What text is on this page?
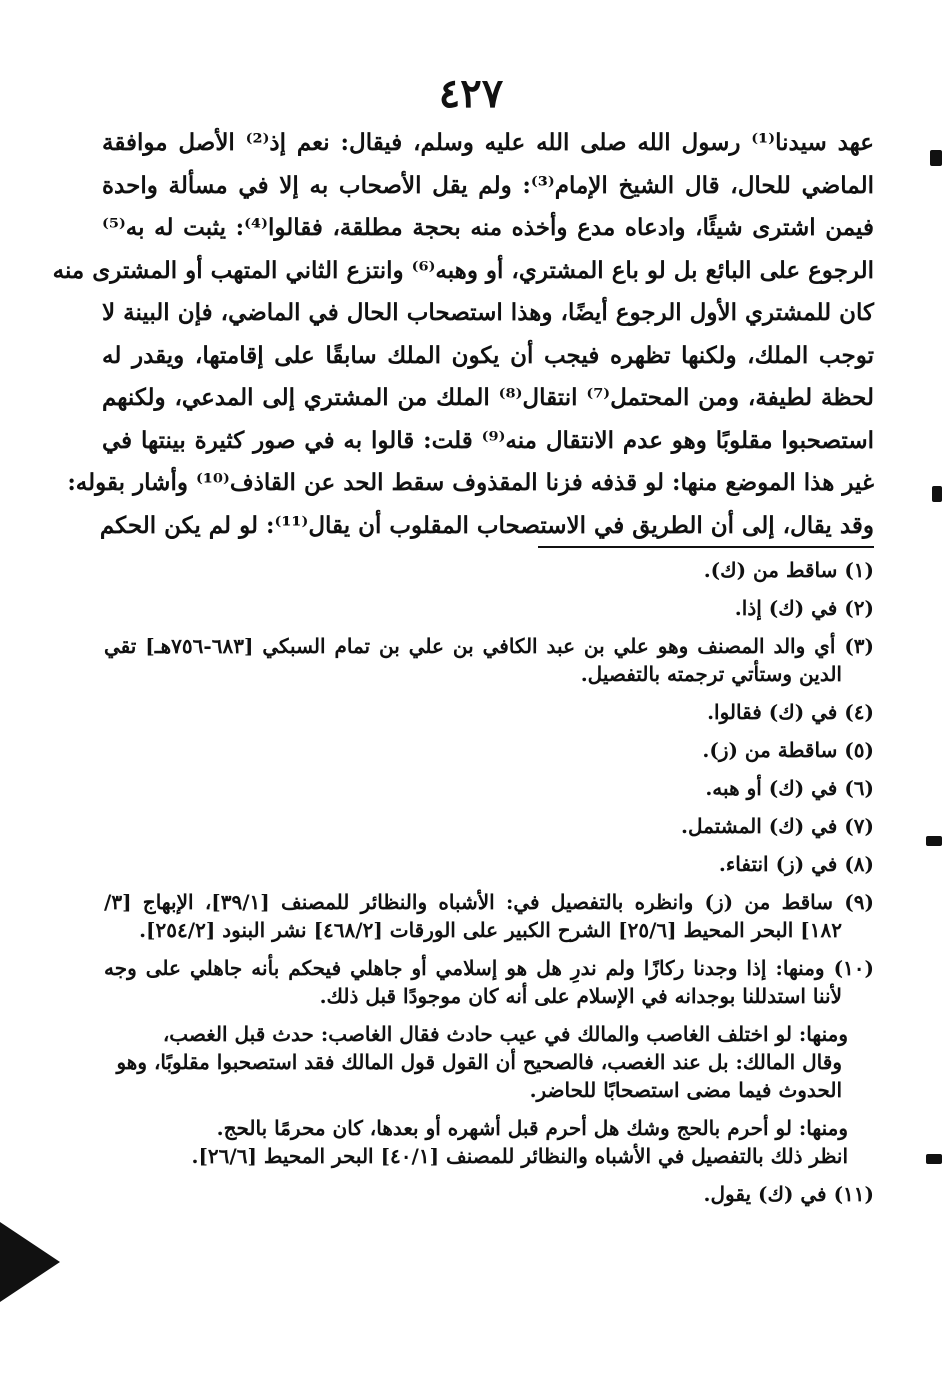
٤٢٧
عهد سيدنا⁽¹⁾ رسول الله صلى الله عليه وسلم، فيقال: نعم إذ⁽²⁾ الأصل موافقة
الماضي للحال، قال الشيخ الإمام⁽³⁾: ولم يقل الأصحاب به إلا في مسألة واحدة
فيمن اشترى شيئًا، وادعاه مدع وأخذه منه بحجة مطلقة، فقالوا⁽⁴⁾: يثبت له به⁽⁵⁾
الرجوع على البائع بل لو باع المشتري، أو وهبه⁽⁶⁾ وانتزع الثاني المتهب أو المشترى منه
كان للمشتري الأول الرجوع أيضًا، وهذا استصحاب الحال في الماضي، فإن البينة لا
توجب الملك، ولكنها تظهره فيجب أن يكون الملك سابقًا على إقامتها، ويقدر له
لحظة لطيفة، ومن المحتمل⁽⁷⁾ انتقال⁽⁸⁾ الملك من المشتري إلى المدعي، ولكنهم
استصحبوا مقلوبًا وهو عدم الانتقال منه⁽⁹⁾ قلت: قالوا به في صور كثيرة بينتها في
غير هذا الموضع منها: لو قذفه فزنا المقذوف سقط الحد عن القاذف⁽¹⁰⁾ وأشار بقوله:
وقد يقال، إلى أن الطريق في الاستصحاب المقلوب أن يقال⁽¹¹⁾: لو لم يكن الحكم
(١) ساقط من (ك).
(٢) في (ك) إذا.
(٣) أي والد المصنف وهو علي بن عبد الكافي بن علي بن تمام السبكي [٦٨٣-٧٥٦هـ] تقي
الدين وستأتي ترجمته بالتفصيل.
(٤) في (ك) فقالوا.
(٥) ساقطة من (ز).
(٦) في (ك) أو هبه.
(٧) في (ك) المشتمل.
(٨) في (ز) انتفاء.
(٩) ساقط من (ز) وانظره بالتفصيل في: الأشباه والنظائر للمصنف [٣٩/١]، الإبهاج [٣/
١٨٢] البحر المحيط [٢٥/٦] الشرح الكبير على الورقات [٤٦٨/٢] نشر البنود [٢٥٤/٢].
(١٠) ومنها: إذا وجدنا ركازًا ولم ندرِ هل هو إسلامي أو جاهلي فيحكم بأنه جاهلي على وجه
لأننا استدللنا بوجدانه في الإسلام على أنه كان موجودًا قبل ذلك.
ومنها: لو اختلف الغاصب والمالك في عيب حادث فقال الغاصب: حدث قبل الغصب،
وقال المالك: بل عند الغصب، فالصحيح أن القول قول المالك فقد استصحبوا مقلوبًا، وهو
الحدوث فيما مضى استصحابًا للحاضر.
ومنها: لو أحرم بالحج وشك هل أحرم قبل أشهره أو بعدها، كان محرمًا بالحج.
انظر ذلك بالتفصيل في الأشباه والنظائر للمصنف [٤٠/١] البحر المحيط [٢٦/٦].
(١١) في (ك) يقول.
